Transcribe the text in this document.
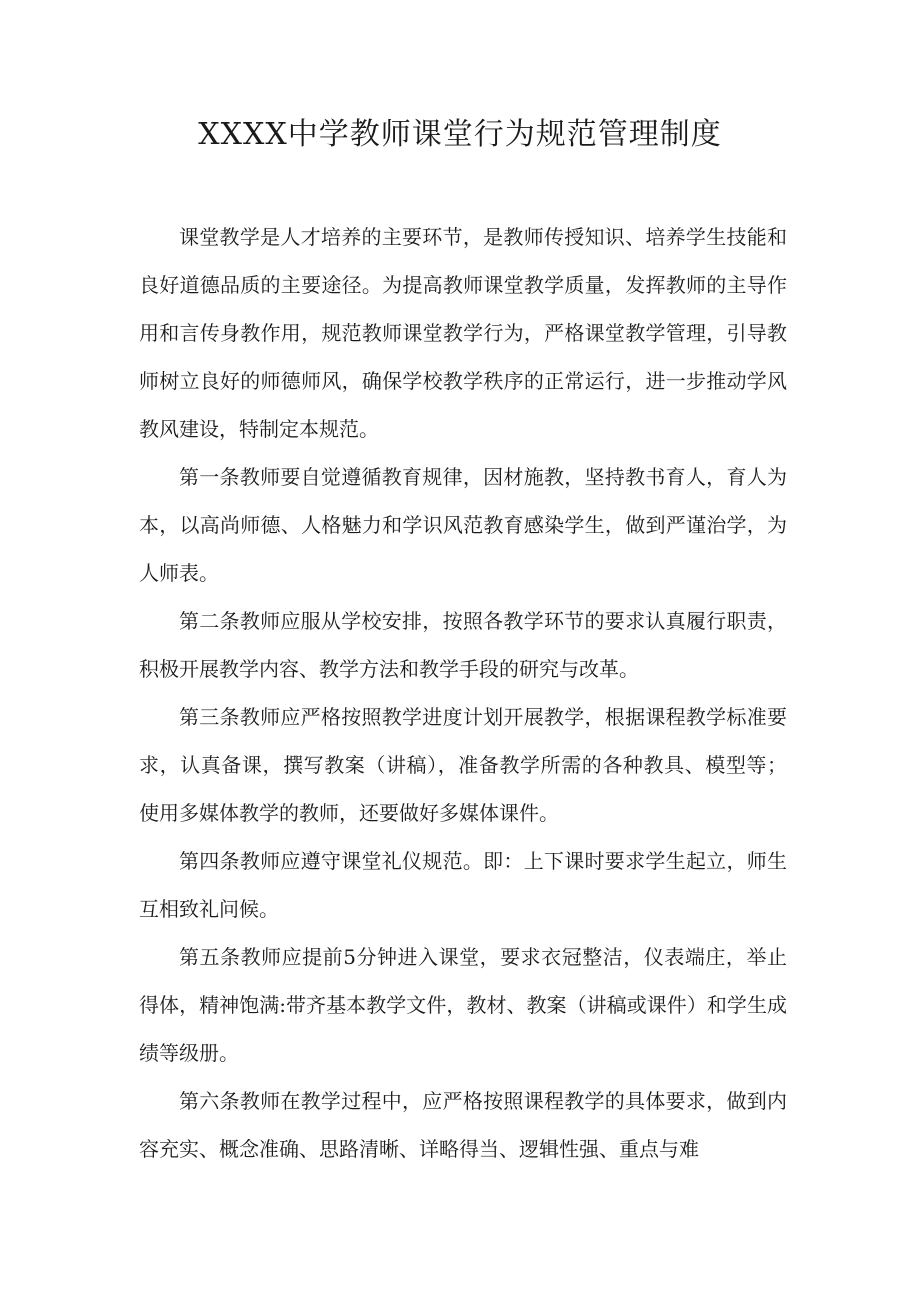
XXXX中学教师课堂行为规范管理制度

课堂教学是人才培养的主要环节，是教师传授知识、培养学生技能和良好道德品质的主要途径。为提高教师课堂教学质量，发挥教师的主导作用和言传身教作用，规范教师课堂教学行为，严格课堂教学管理，引导教师树立良好的师德师风，确保学校教学秩序的正常运行，进一步推动学风教风建设，特制定本规范。

第一条教师要自觉遵循教育规律，因材施教，坚持教书育人，育人为本，以高尚师德、人格魅力和学识风范教育感染学生，做到严谨治学，为人师表。

第二条教师应服从学校安排，按照各教学环节的要求认真履行职责，积极开展教学内容、教学方法和教学手段的研究与改革。

第三条教师应严格按照教学进度计划开展教学，根据课程教学标准要求，认真备课，撰写教案（讲稿），准备教学所需的各种教具、模型等；使用多媒体教学的教师，还要做好多媒体课件。

第四条教师应遵守课堂礼仪规范。即：上下课时要求学生起立，师生互相致礼问候。

第五条教师应提前5分钟进入课堂，要求衣冠整洁，仪表端庄，举止得体，精神饱满:带齐基本教学文件，教材、教案（讲稿或课件）和学生成绩等级册。

第六条教师在教学过程中，应严格按照课程教学的具体要求，做到内容充实、概念准确、思路清晰、详略得当、逻辑性强、重点与难
